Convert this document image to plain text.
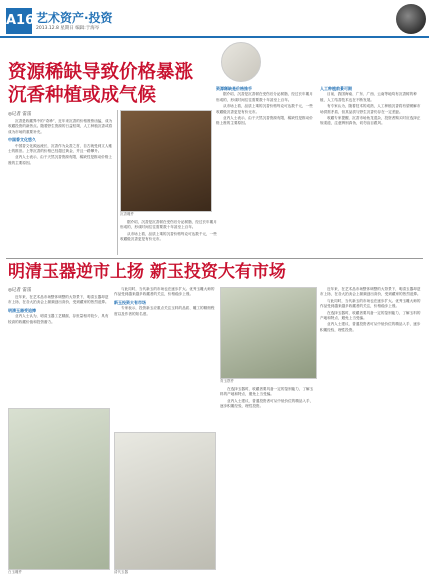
A16 艺术资产·投资
2013.12.8 星期日 编辑:于海岑
资源稀缺导致价格暴涨
沉香种植或成气候
沉香雕件
◎记者 雷雷

沉香是收藏界中的“奇珍”，近年来沉香的价格涨势凶猛，成为收藏投资的新热点。随着野生资源的日益枯竭，人工种植沉香或将成为市场的重要补充。

中国香文化悠久

中国香文化源远流长，沉香作为众香之首，自古就受到文人雅士的推崇。上等沉香的价格已经超过黄金，并且一路攀升。

业内人士表示，由于天然沉香资源有限，稀缺性是推动价格上涨的主要原因。

据介绍，沉香是沉香树在受伤后分泌树脂，经过长年累月形成的，形成时间往往需要数十年甚至上百年。

从市场上看，品质上乘的沉香价格每克可达数千元，一些收藏级沉香更是有价无市。

资源稀缺是价格推手

据介绍，沉香是沉香树在受伤后分泌树脂，经过长年累月形成的，形成时间往往需要数十年甚至上百年。

从市场上看，品质上乘的沉香价格每克可达数千元，一些收藏级沉香更是有价无市。

业内人士表示，由于天然沉香资源有限，稀缺性是推动价格上涨的主要原因。

人工种植前景可期

目前，我国海南、广东、广西、云南等地均有沉香树的种植，人工结香技术也在不断发展。

有专家认为，随着技术的成熟，人工种植沉香将有望缓解市场供需矛盾，但其品质与野生沉香仍存在一定差距。

收藏专家提醒，沉香市场鱼龙混杂，投资者购买时应选择正规渠道，注意辨别真伪，切勿盲目跟风。

明清玉器逆市上扬 新玉投资大有市场
◎记者 雷雷

近年来，在艺术品市场整体调整的大背景下，明清玉器却逆市上扬，在各大拍卖会上频频创出高价，受到藏家的热烈追捧。

明清玉器受追捧

业内人士认为，明清玉器工艺精湛，存世量相对较少，具有较高的收藏价值和投资潜力。

白玉雕件

与此同时，当代新玉的市场也在逐步扩大。优秀玉雕大师的作品受到越来越多收藏者的关注，价格稳步上涨。

新玉投资大有市场

专家表示，投资新玉应重点关注玉料的品质、雕工的精细程度以及作者的知名度。

清代玉器
青玉摆件

在选择玉器时，收藏者要具备一定的鉴别能力，了解玉料的产地和特点，避免上当受骗。

业内人士建议，普通投资者可从中低价位的精品入手，逐步积累经验，理性投资。

近年来，在艺术品市场整体调整的大背景下，明清玉器却逆市上扬，在各大拍卖会上频频创出高价，受到藏家的热烈追捧。

与此同时，当代新玉的市场也在逐步扩大。优秀玉雕大师的作品受到越来越多收藏者的关注，价格稳步上涨。

在选择玉器时，收藏者要具备一定的鉴别能力，了解玉料的产地和特点，避免上当受骗。

业内人士建议，普通投资者可从中低价位的精品入手，逐步积累经验，理性投资。
